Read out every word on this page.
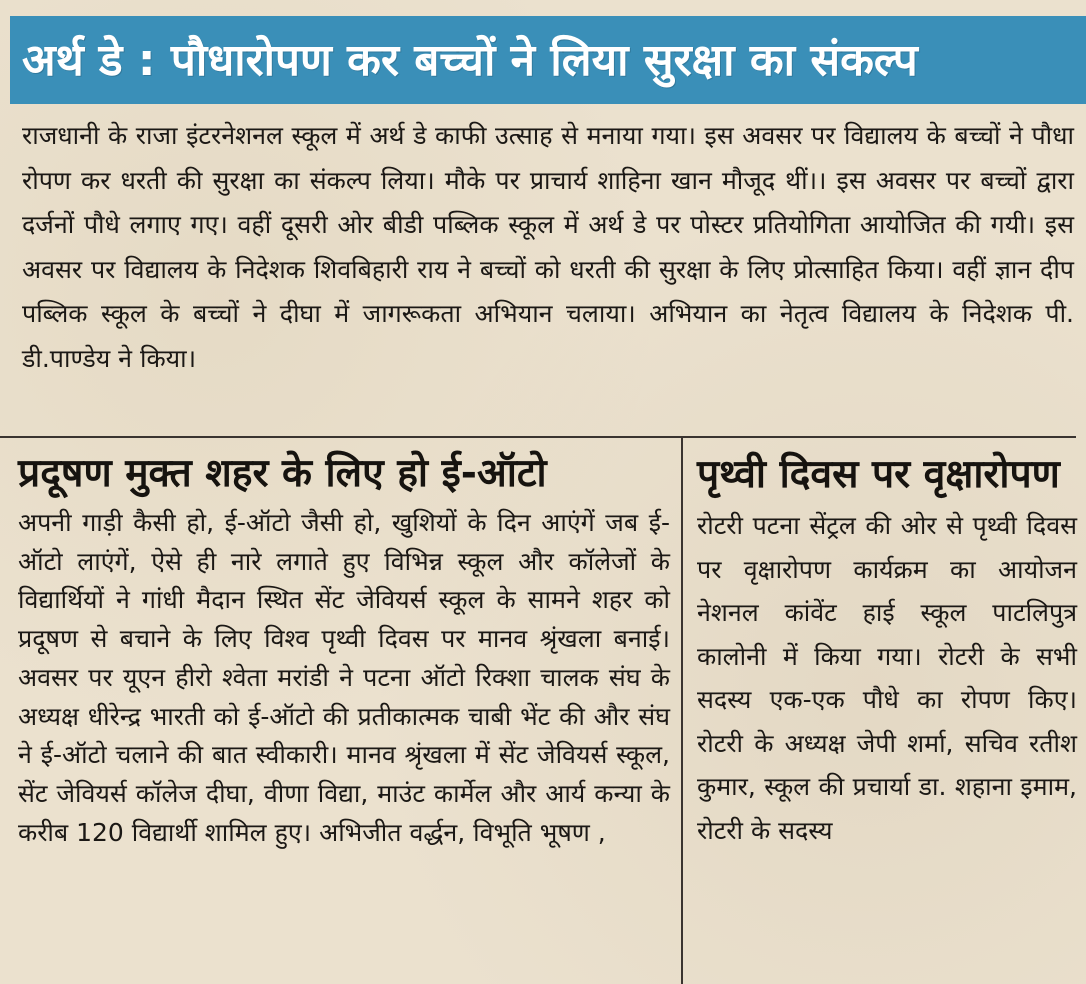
अर्थ डे : पौधारोपण कर बच्चों ने लिया सुरक्षा का संकल्प
राजधानी के राजा इंटरनेशनल स्कूल में अर्थ डे काफी उत्साह से मनाया गया। इस अवसर पर विद्यालय के बच्चों ने पौधा रोपण कर धरती की सुरक्षा का संकल्प लिया। मौके पर प्राचार्य शाहिना खान मौजूद थीं।। इस अवसर पर बच्चों द्वारा दर्जनों पौधे लगाए गए। वहीं दूसरी ओर बीडी पब्लिक स्कूल में अर्थ डे पर पोस्टर प्रतियोगिता आयोजित की गयी। इस अवसर पर विद्यालय के निदेशक शिवबिहारी राय ने बच्चों को धरती की सुरक्षा के लिए प्रोत्साहित किया। वहीं ज्ञान दीप पब्लिक स्कूल के बच्चों ने दीघा में जागरूकता अभियान चलाया। अभियान का नेतृत्व विद्यालय के निदेशक पी. डी.पाण्डेय ने किया।
प्रदूषण मुक्त शहर के लिए हो ई-ऑटो
अपनी गाड़ी कैसी हो, ई-ऑटो जैसी हो, खुशियों के दिन आएंगें जब ई-ऑटो लाएंगें, ऐसे ही नारे लगाते हुए विभिन्न स्कूल और कॉलेजों के विद्यार्थियों ने गांधी मैदान स्थित सेंट जेवियर्स स्कूल के सामने शहर को प्रदूषण से बचाने के लिए विश्व पृथ्वी दिवस पर मानव श्रृंखला बनाई। अवसर पर यूएन हीरो श्वेता मरांडी ने पटना ऑटो रिक्शा चालक संघ के अध्यक्ष धीरेन्द्र भारती को ई-ऑटो की प्रतीकात्मक चाबी भेंट की और संघ ने ई-ऑटो चलाने की बात स्वीकारी। मानव श्रृंखला में सेंट जेवियर्स स्कूल, सेंट जेवियर्स कॉलेज दीघा, वीणा विद्या, माउंट कार्मेल और आर्य कन्या के करीब 120 विद्यार्थी शामिल हुए। अभिजीत वर्द्धन, विभूति भूषण ,
पृथ्वी दिवस पर वृक्षारोपण
रोटरी पटना सेंट्रल की ओर से पृथ्वी दिवस पर वृक्षारोपण कार्यक्रम का आयोजन नेशनल कांवेंट हाई स्कूल पाटलिपुत्र कालोनी में किया गया। रोटरी के सभी सदस्य एक-एक पौधे का रोपण किए। रोटरी के अध्यक्ष जेपी शर्मा, सचिव रतीश कुमार, स्कूल की प्रचार्या डा. शहाना इमाम, रोटरी के सदस्य
